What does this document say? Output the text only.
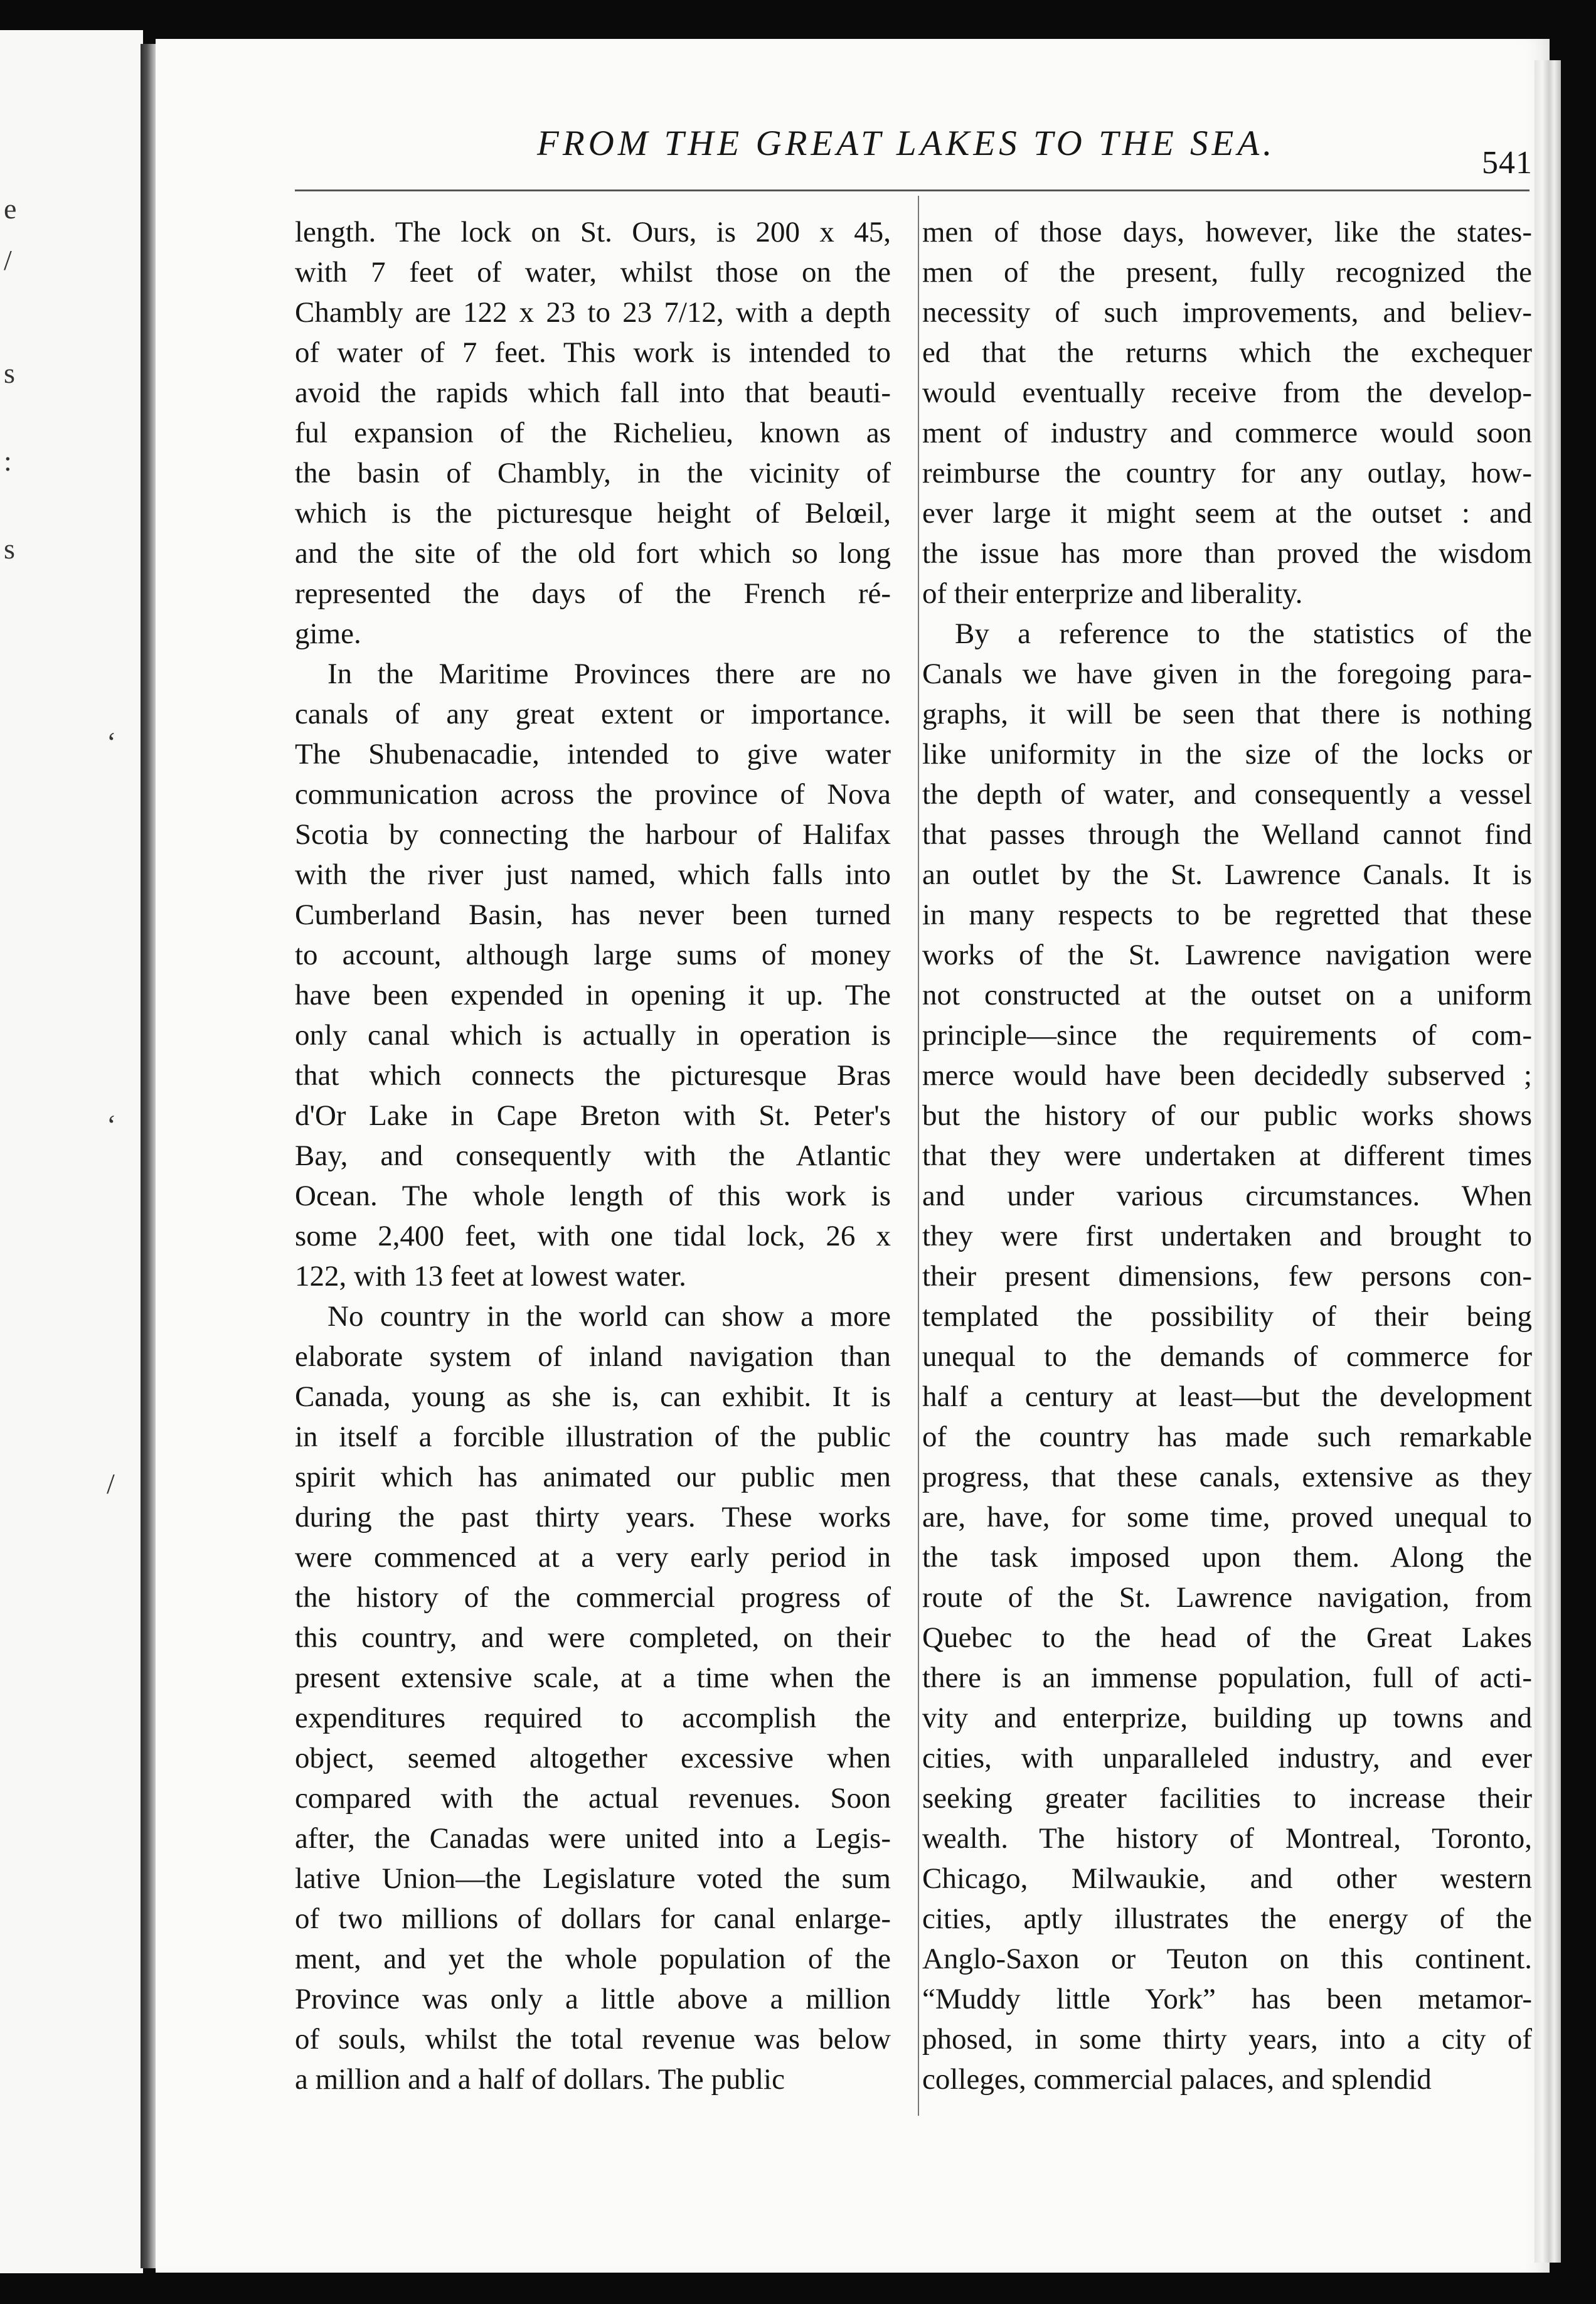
e
/
s
:
s
‘
‘
/
FROM THE GREAT LAKES TO THE SEA.	541
length. The lock on St. Ours, is 200 x 45,
with 7 feet of water, whilst those on the
Chambly are 122 x 23 to 23 7/12, with a depth
of water of 7 feet. This work is intended to
avoid the rapids which fall into that beauti-
ful expansion of the Richelieu, known as
the basin of Chambly, in the vicinity of
which is the picturesque height of Belœil,
and the site of the old fort which so long
represented the days of the French ré-
gime.
In the Maritime Provinces there are no
canals of any great extent or importance.
The Shubenacadie, intended to give water
communication across the province of Nova
Scotia by connecting the harbour of Halifax
with the river just named, which falls into
Cumberland Basin, has never been turned
to account, although large sums of money
have been expended in opening it up. The
only canal which is actually in operation is
that which connects the picturesque Bras
d'Or Lake in Cape Breton with St. Peter's
Bay, and consequently with the Atlantic
Ocean. The whole length of this work is
some 2,400 feet, with one tidal lock, 26 x
122, with 13 feet at lowest water.
No country in the world can show a more
elaborate system of inland navigation than
Canada, young as she is, can exhibit. It is
in itself a forcible illustration of the public
spirit which has animated our public men
during the past thirty years. These works
were commenced at a very early period in
the history of the commercial progress of
this country, and were completed, on their
present extensive scale, at a time when the
expenditures required to accomplish the
object, seemed altogether excessive when
compared with the actual revenues. Soon
after, the Canadas were united into a Legis-
lative Union—the Legislature voted the sum
of two millions of dollars for canal enlarge-
ment, and yet the whole population of the
Province was only a little above a million
of souls, whilst the total revenue was below
a million and a half of dollars. The public
men of those days, however, like the states-
men of the present, fully recognized the
necessity of such improvements, and believ-
ed that the returns which the exchequer
would eventually receive from the develop-
ment of industry and commerce would soon
reimburse the country for any outlay, how-
ever large it might seem at the outset : and
the issue has more than proved the wisdom
of their enterprize and liberality.
By a reference to the statistics of the
Canals we have given in the foregoing para-
graphs, it will be seen that there is nothing
like uniformity in the size of the locks or
the depth of water, and consequently a vessel
that passes through the Welland cannot find
an outlet by the St. Lawrence Canals. It is
in many respects to be regretted that these
works of the St. Lawrence navigation were
not constructed at the outset on a uniform
principle—since the requirements of com-
merce would have been decidedly subserved ;
but the history of our public works shows
that they were undertaken at different times
and under various circumstances. When
they were first undertaken and brought to
their present dimensions, few persons con-
templated the possibility of their being
unequal to the demands of commerce for
half a century at least—but the development
of the country has made such remarkable
progress, that these canals, extensive as they
are, have, for some time, proved unequal to
the task imposed upon them. Along the
route of the St. Lawrence navigation, from
Quebec to the head of the Great Lakes
there is an immense population, full of acti-
vity and enterprize, building up towns and
cities, with unparalleled industry, and ever
seeking greater facilities to increase their
wealth. The history of Montreal, Toronto,
Chicago, Milwaukie, and other western
cities, aptly illustrates the energy of the
Anglo-Saxon or Teuton on this continent.
“Muddy little York” has been metamor-
phosed, in some thirty years, into a city of
colleges, commercial palaces, and splendid
